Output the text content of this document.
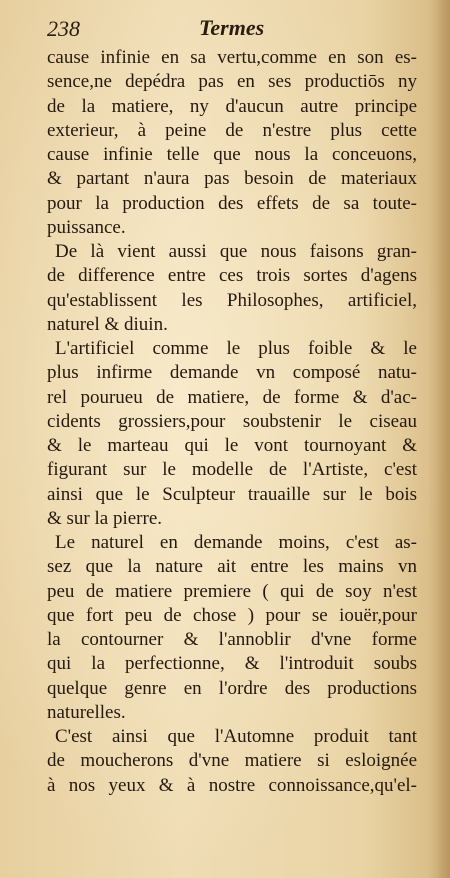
238	Termes
cause infinie en sa vertu,comme en son es-
sence,ne depédra pas en ses productiōs ny
de la matiere, ny d'aucun autre principe
exterieur, à peine de n'estre plus cette
cause infinie telle que nous la conceuons,
& partant n'aura pas besoin de materiaux
pour la production des effets de sa toute-
puissance.
De là vient aussi que nous faisons gran-
de difference entre ces trois sortes d'agens
qu'establissent les Philosophes, artificiel,
naturel & diuin.
L'artificiel comme le plus foible & le
plus infirme demande vn composé natu-
rel pourueu de matiere, de forme & d'ac-
cidents grossiers,pour soubstenir le ciseau
& le marteau qui le vont tournoyant &
figurant sur le modelle de l'Artiste, c'est
ainsi que le Sculpteur trauaille sur le bois
& sur la pierre.
Le naturel en demande moins, c'est as-
sez que la nature ait entre les mains vn
peu de matiere premiere ( qui de soy n'est
que fort peu de chose ) pour se iouër,pour
la contourner & l'annoblir d'vne forme
qui la perfectionne, & l'introduit soubs
quelque genre en l'ordre des productions
naturelles.
C'est ainsi que l'Automne produit tant
de moucherons d'vne matiere si esloignée
à nos yeux & à nostre connoissance,qu'el-
